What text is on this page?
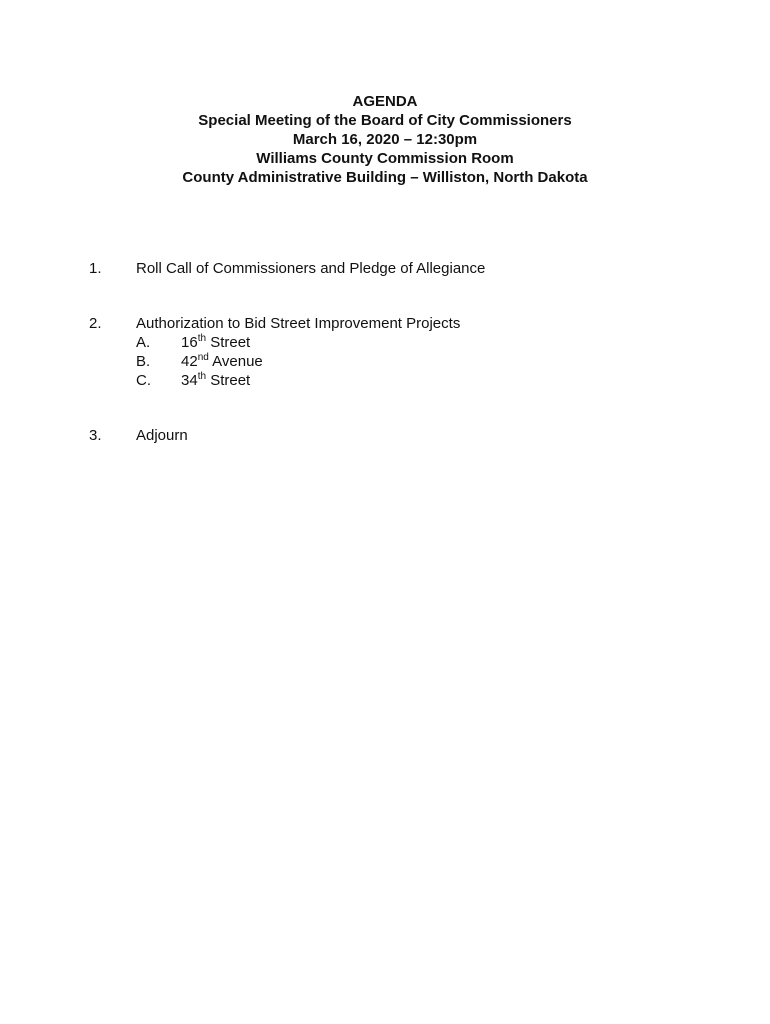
AGENDA
Special Meeting of the Board of City Commissioners
March 16, 2020 – 12:30pm
Williams County Commission Room
County Administrative Building – Williston, North Dakota
1. Roll Call of Commissioners and Pledge of Allegiance
2. Authorization to Bid Street Improvement Projects
A. 16th Street
B. 42nd Avenue
C. 34th Street
3. Adjourn
